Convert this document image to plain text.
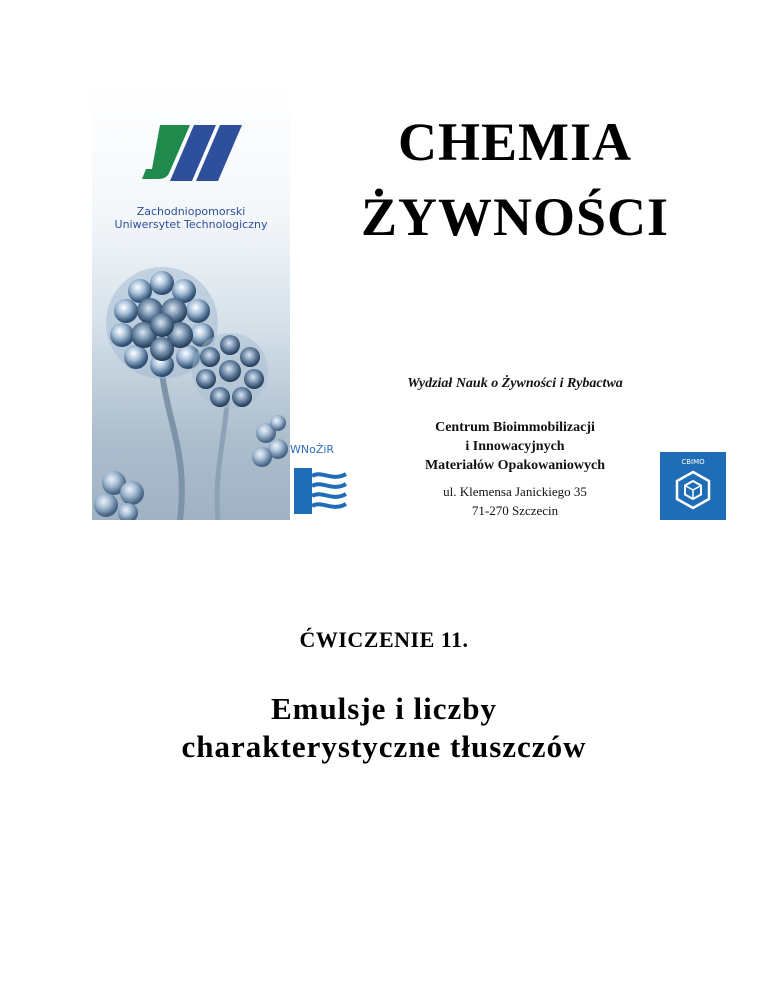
Zachodniopomorski
Uniwersytet Technologiczny
WNoŻiR
CHEMIA
ŻYWNOŚCI
Wydział Nauk o Żywności i Rybactwa
Centrum Bioimmobilizacji
i Innowacyjnych
Materiałów Opakowaniowych
ul. Klemensa Janickiego 35
71-270 Szczecin
CBIMO
ĆWICZENIE 11.
Emulsje i liczby
charakterystyczne tłuszczów
